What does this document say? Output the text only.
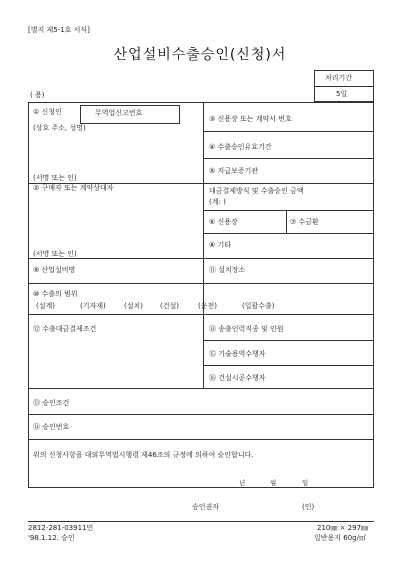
[별지 제5-1호 서식]
산업설비수출승인(신청)서
처리기간
5일
( 용)
① 신청인	무역업신고번호
(상호 주소, 성명)
(서명 또는 인)
② 구매자 또는 계약상대자
(서명 또는 인)
③ 신용장 또는 계약서 번호
④ 수출승인유효기간
⑤ 지급보증기관
대금결제방식 및 수출승인 금액
(계: )
⑥ 신용장	⑦ 수금환
⑧ 기타
⑨ 산업설비명	⑪ 설치장소
⑩ 수출의 범위
(설계)	(기자재)	(설치) (건설)	(운전)	(일괄수출)
⑫ 수출대금결제조건	⑭ 송출인력직종 및 인원
⑮ 기술용역수행자
⑯ 건설시공수행자
⑬ 승인조건
⑭ 승인번호
위의 신청사항을 대외무역법시행령 제46조의 규정에 의하여 승인합니다.
년	월	일
승인권자	(인)
2812-281-03911민
'98.1.12. 승인
210㎜ × 297㎜
일반용지 60g/㎡
